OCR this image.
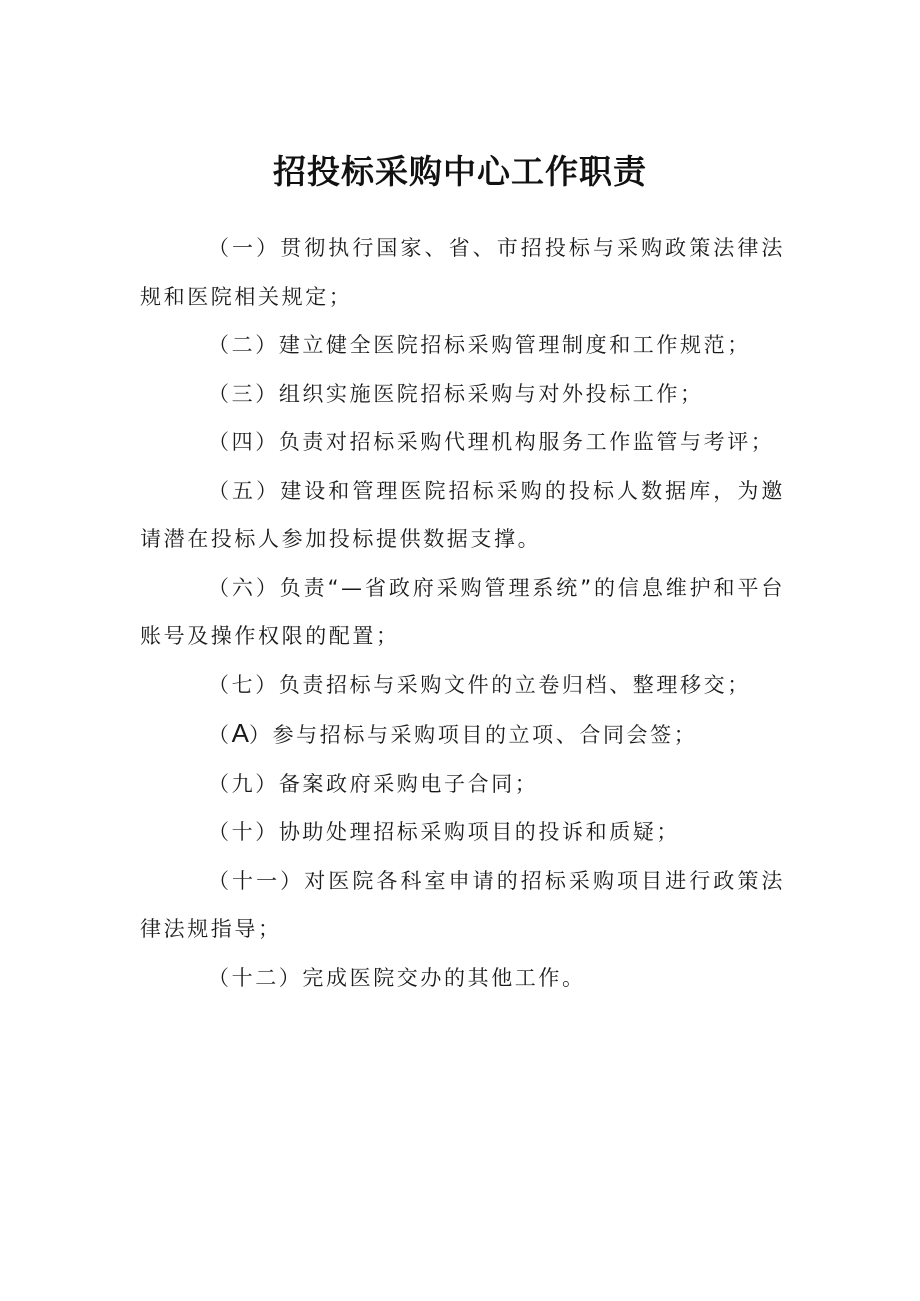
招投标采购中心工作职责

（一）贯彻执行国家、省、市招投标与采购政策法律法规和医院相关规定；

（二）建立健全医院招标采购管理制度和工作规范；

（三）组织实施医院招标采购与对外投标工作；

（四）负责对招标采购代理机构服务工作监管与考评；

（五）建设和管理医院招标采购的投标人数据库，为邀请潜在投标人参加投标提供数据支撑。

（六）负责“—省政府采购管理系统”的信息维护和平台账号及操作权限的配置；

（七）负责招标与采购文件的立卷归档、整理移交；

（A）参与招标与采购项目的立项、合同会签；

（九）备案政府采购电子合同；

（十）协助处理招标采购项目的投诉和质疑；

（十一）对医院各科室申请的招标采购项目进行政策法律法规指导；

（十二）完成医院交办的其他工作。
